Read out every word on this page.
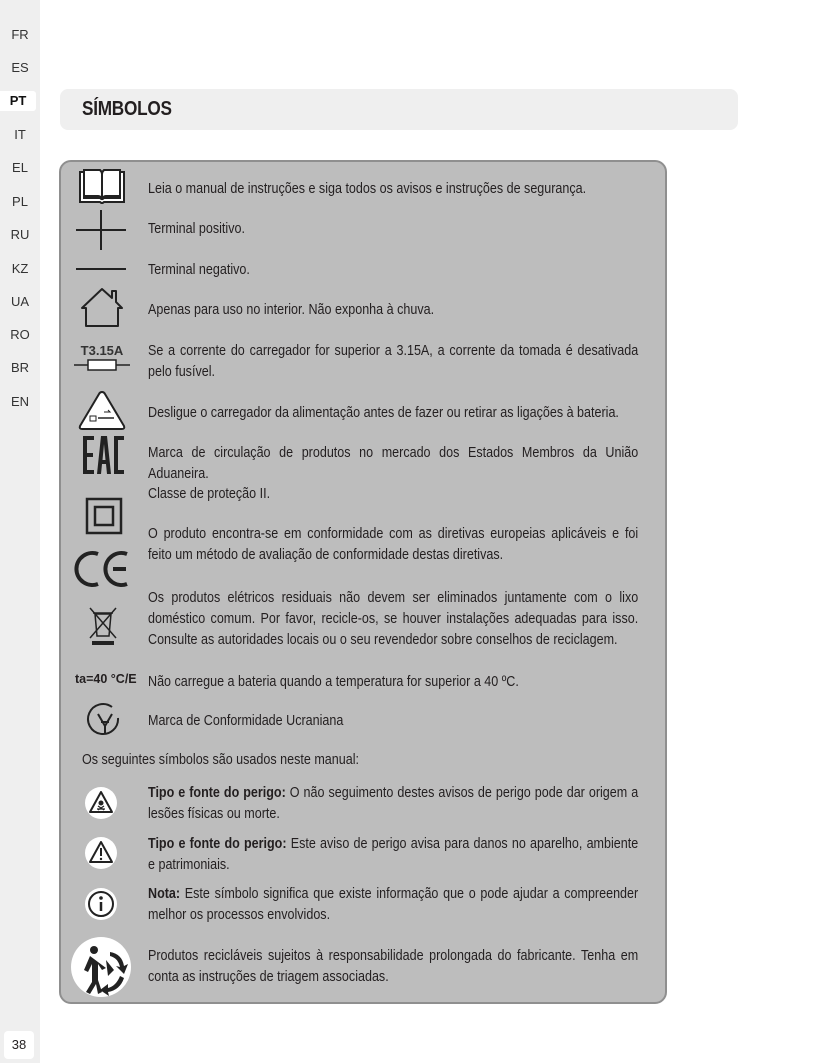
FR
ES
PT
IT
EL
PL
RU
KZ
UA
RO
BR
EN
38
SÍMBOLOS
T3.15A
ta=40 °C/E
Leia o manual de instruções e siga todos os avisos e instruções de segurança.
Terminal positivo.
Terminal negativo.
Apenas para uso no interior. Não exponha à chuva.
Se a corrente do carregador for superior a 3.15A, a corrente da tomada é desativada pelo fusível.
Desligue o carregador da alimentação antes de fazer ou retirar as ligações à bateria.
Marca de circulação de produtos no mercado dos Estados Membros da União Aduaneira.
Classe de proteção II.
O produto encontra-se em conformidade com as diretivas europeias aplicáveis e foi feito um método de avaliação de conformidade destas diretivas.
Os produtos elétricos residuais não devem ser eliminados juntamente com o lixo doméstico comum. Por favor, recicle-os, se houver instalações adequadas para isso. Consulte as autoridades locais ou o seu revendedor sobre conselhos de reciclagem.
Não carregue a bateria quando a temperatura for superior a 40 ºC.
Marca de Conformidade Ucraniana
Os seguintes símbolos são usados neste manual:
Tipo e fonte do perigo: O não seguimento destes avisos de perigo pode dar origem a lesões físicas ou morte.
Tipo e fonte do perigo: Este aviso de perigo avisa para danos no aparelho, ambiente e patrimoniais.
Nota: Este símbolo significa que existe informação que o pode ajudar a compreender melhor os processos envolvidos.
Produtos recicláveis sujeitos à responsabilidade prolongada do fabricante. Tenha em conta as instruções de triagem associadas.
